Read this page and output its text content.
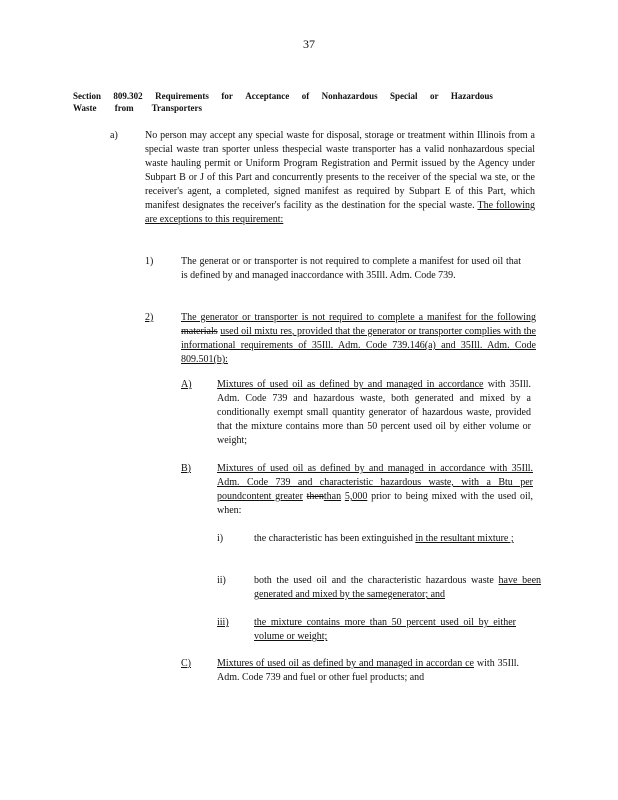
37
Section 809.302 Requirements for Acceptance of Nonhazardous Special or Hazardous
Waste from Transporters
a)	No person may accept any special waste for disposal, storage or treatment within Illinois from a special waste tran sporter unless thespecial waste transporter has a valid nonhazardous special waste hauling permit or Uniform Program Registration and Permit issued by the Agency under Subpart B or J of this Part and concurrently presents to the receiver of the special wa ste, or the receiver's agent, a completed, signed manifest as required by Subpart E of this Part, which manifest designates the receiver's facility as the destination for the special waste. The following are exceptions to this requirement:
1)	The generat or or transporter is not required to complete a manifest for used oil that is defined by and managed inaccordance with 35Ill. Adm. Code 739.
2)	The generator or transporter is not required to complete a manifest for the following materials used oil mixtu res, provided that the generator or transporter complies with the informational requirements of 35Ill. Adm. Code 739.146(a) and 35Ill. Adm. Code 809.501(b):
A)	Mixtures of used oil as defined by and managed in accordance with 35Ill. Adm. Code 739 and hazardous waste, both generated and mixed by a conditionally exempt small quantity generator of hazardous waste, provided that the mixture contains more than 50 percent used oil by either volume or weight;
B)	Mixtures of used oil as defined by and managed in accordance with 35Ill. Adm. Code 739 and characteristic hazardous waste, with a Btu per poundcontent greater thenthan 5,000 prior to being mixed with the used oil, when:
i)	the characteristic has been extinguished in the resultant mixture ;
ii)	both the used oil and the characteristic hazardous waste have been generated and mixed by the samegenerator; and
iii)	the mixture contains more than 50 percent used oil by either volume or weight;
C)	Mixtures of used oil as defined by and managed in accordan ce with 35Ill. Adm. Code 739 and fuel or other fuel products; and
